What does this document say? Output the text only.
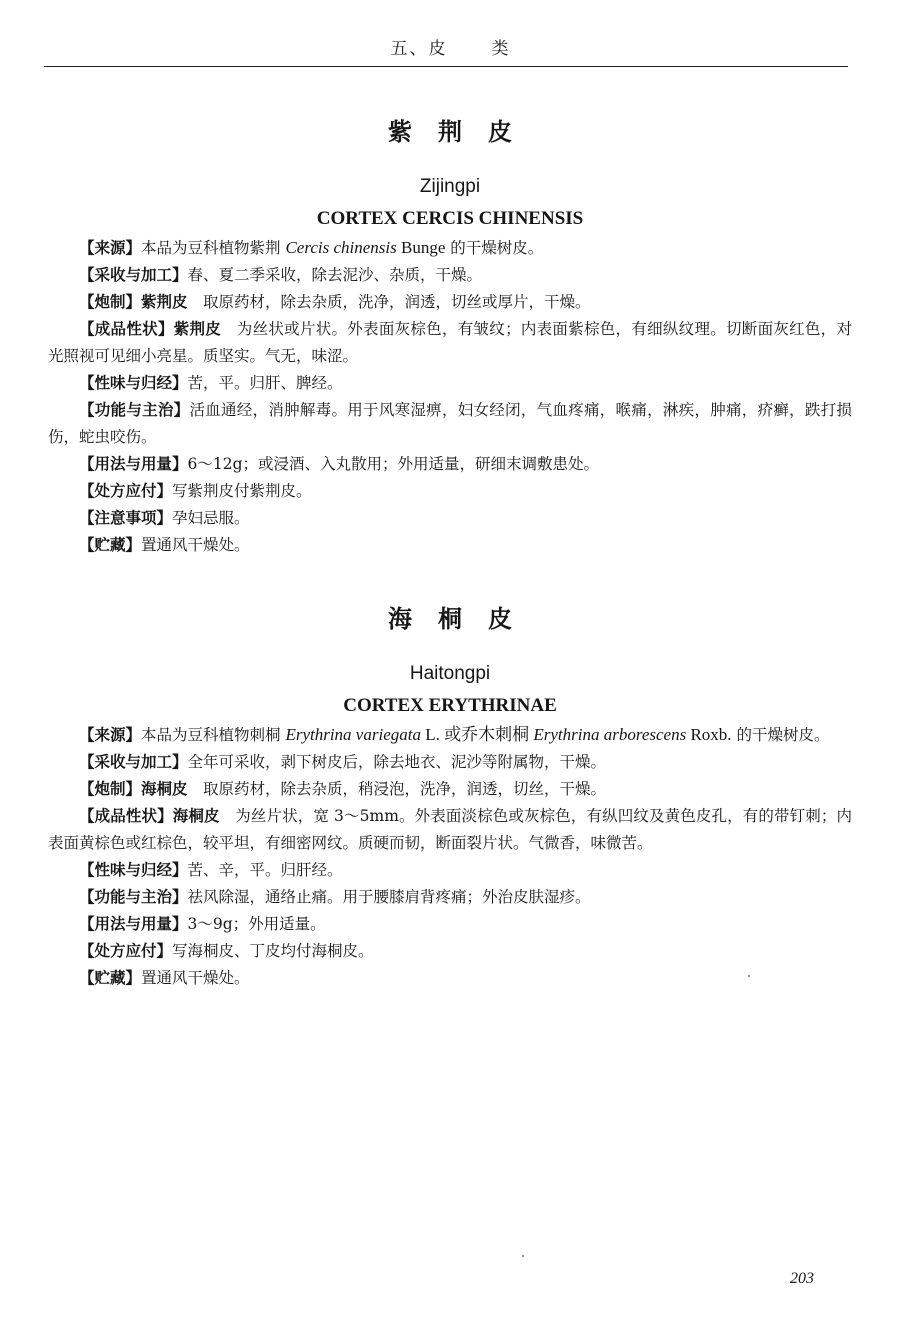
五、皮	类
紫荆皮
Zijingpi
CORTEX CERCIS CHINENSIS

【来源】本品为豆科植物紫荆 Cercis chinensis Bunge 的干燥树皮。

【采收与加工】春、夏二季采收，除去泥沙、杂质，干燥。

【炮制】紫荆皮　取原药材，除去杂质，洗净，润透，切丝或厚片，干燥。

【成品性状】紫荆皮　为丝状或片状。外表面灰棕色，有皱纹；内表面紫棕色，有细纵纹理。切断面灰红色，对光照视可见细小亮星。质坚实。气无，味涩。

【性味与归经】苦，平。归肝、脾经。

【功能与主治】活血通经，消肿解毒。用于风寒湿痹，妇女经闭，气血疼痛，喉痛，淋疾，肿痛，疥癣，跌打损伤，蛇虫咬伤。

【用法与用量】6～12g；或浸酒、入丸散用；外用适量，研细末调敷患处。

【处方应付】写紫荆皮付紫荆皮。

【注意事项】孕妇忌服。

【贮藏】置通风干燥处。

海桐皮
Haitongpi
CORTEX ERYTHRINAE

【来源】本品为豆科植物刺桐 Erythrina variegata L. 或乔木刺桐 Erythrina arborescens Roxb. 的干燥树皮。

【采收与加工】全年可采收，剥下树皮后，除去地衣、泥沙等附属物，干燥。

【炮制】海桐皮　取原药材，除去杂质，稍浸泡，洗净，润透，切丝，干燥。

【成品性状】海桐皮　为丝片状，宽 3～5mm。外表面淡棕色或灰棕色，有纵凹纹及黄色皮孔，有的带钉刺；内表面黄棕色或红棕色，较平坦，有细密网纹。质硬而韧，断面裂片状。气微香，味微苦。

【性味与归经】苦、辛，平。归肝经。

【功能与主治】祛风除湿，通络止痛。用于腰膝肩背疼痛；外治皮肤湿疹。

【用法与用量】3～9g；外用适量。

【处方应付】写海桐皮、丁皮均付海桐皮。

【贮藏】置通风干燥处。

203
